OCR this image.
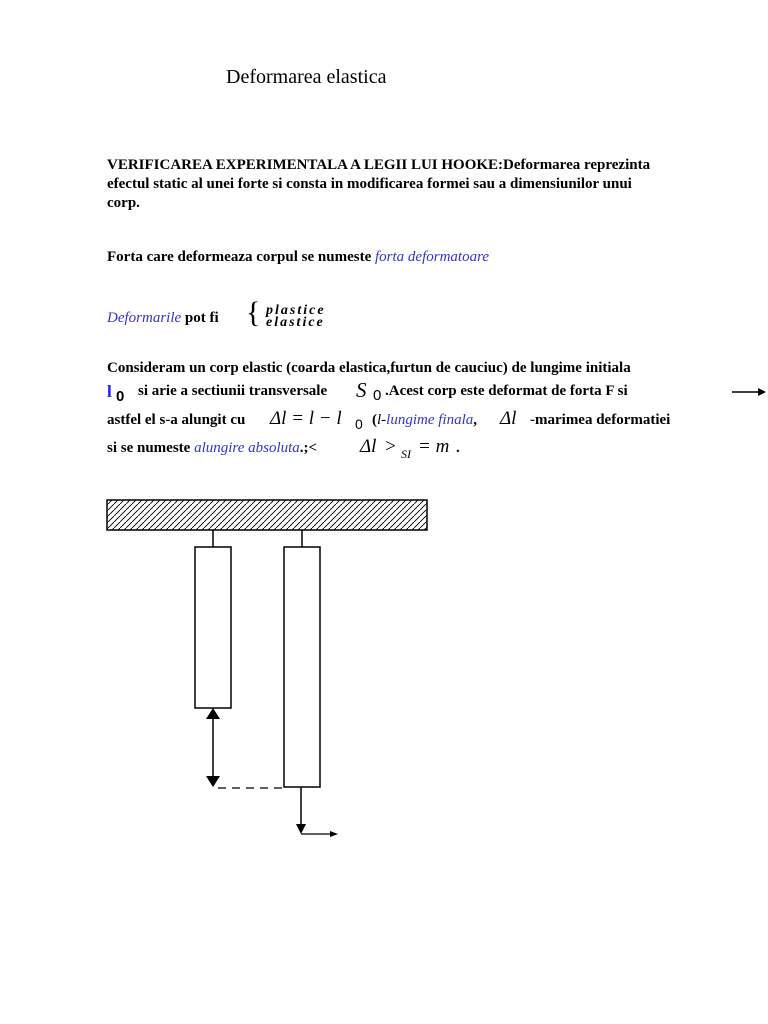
Deformarea elastica
VERIFICAREA EXPERIMENTALA A LEGII LUI HOOKE:Deformarea reprezinta efectul static al unei forte si consta in modificarea formei sau a dimensiunilor unui corp.
Forta care deformeaza corpul se numeste forta deformatoare
Deformarile pot fi { plastice
elastice
Consideram un corp elastic (coarda elastica,furtun de cauciuc) de lungime initiala
l 0 si arie a sectiunii transversale S 0 .Acest corp este deformat de forta F si
astfel el s-a alungit cu Δl = l − l 0 (l-lungime finala, Δl -marimea deformatiei
si se numeste alungire absoluta.;< Δl > SI = m .
